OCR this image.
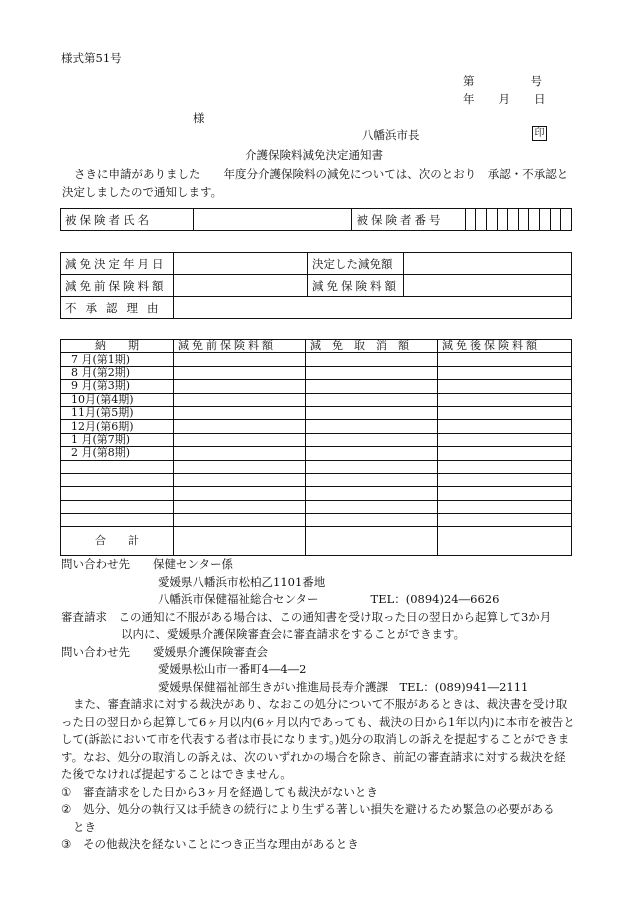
様式第51号
第	号
年 月 日
様
八幡浜市長	印
介護保険料減免決定通知書
さきに申請がありました　　年度分介護保険料の減免については、次のとおり　承認・不承認と決定しましたので通知します。
被保険者氏名		被保険者番号										
減免決定年月日		決定した減免額	
減免前保険料額		減免保険料額	
不承認理由			
納　　期	減免前保険料額	減　免　取　消　額	減免後保険料額
7 月(第1期)			
8 月(第2期)			
9 月(第3期)			
10月(第4期)			
11月(第5期)			
12月(第6期)			
1 月(第7期)			
2 月(第8期)			

合　　計			
問い合わせ先　　 保健センター係
愛媛県八幡浜市松柏乙1101番地
八幡浜市保健福祉総合センター	TEL：(0894)24―6626
審査請求　 この通知に不服がある場合は、この通知書を受け取った日の翌日から起算して3か月
以内に、愛媛県介護保険審査会に審査請求をすることができます。
問い合わせ先　　 愛媛県介護保険審査会
愛媛県松山市一番町4―4―2
愛媛県保健福祉部生きがい推進局長寿介護課　 TEL：(089)941―2111
また、審査請求に対する裁決があり、なおこの処分について不服があるときは、裁決書を受け取った日の翌日から起算して6ヶ月以内(6ヶ月以内であっても、裁決の日から1年以内)に本市を被告として(訴訟において市を代表する者は市長になります。)処分の取消しの訴えを提起することができます。なお、処分の取消しの訴えは、次のいずれかの場合を除き、前記の審査請求に対する裁決を経た後でなければ提起することはできません。
① 審査請求をした日から3ヶ月を経過しても裁決がないとき
② 処分、処分の執行又は手続きの続行により生ずる著しい損失を避けるため緊急の必要がある
とき
③ その他裁決を経ないことにつき正当な理由があるとき
